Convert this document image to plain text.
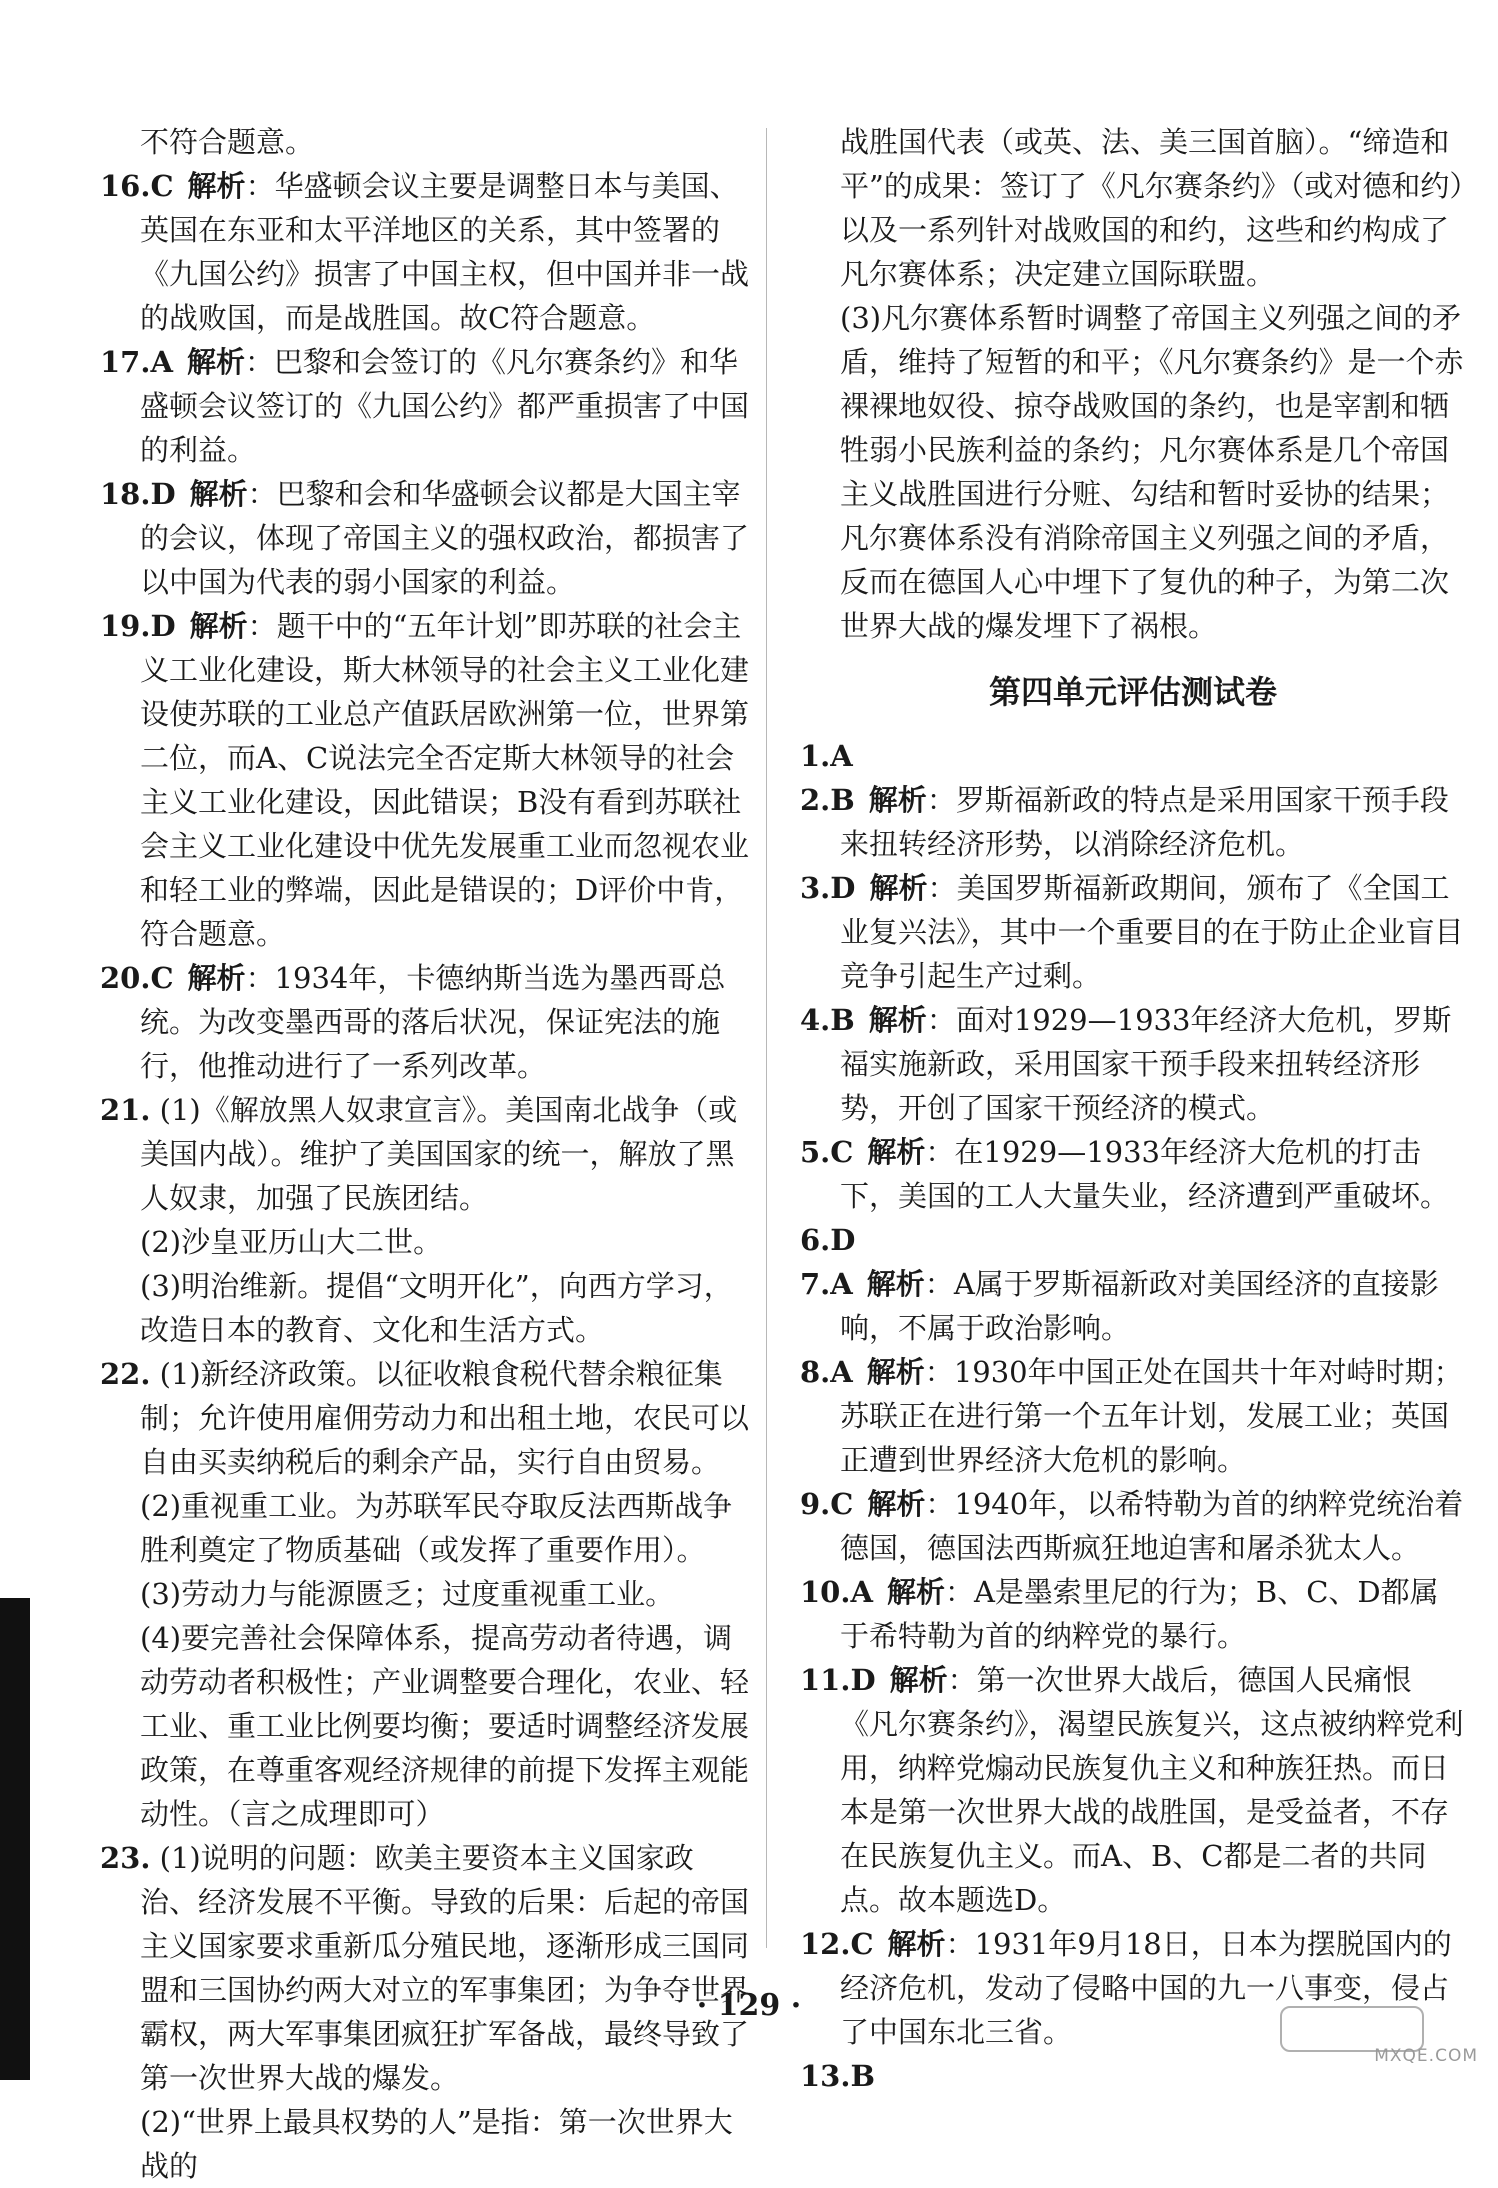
不符合题意。
16.C 解析：华盛顿会议主要是调整日本与美国、英国在东亚和太平洋地区的关系，其中签署的《九国公约》损害了中国主权，但中国并非一战的战败国，而是战胜国。故C符合题意。
17.A 解析：巴黎和会签订的《凡尔赛条约》和华盛顿会议签订的《九国公约》都严重损害了中国的利益。
18.D 解析：巴黎和会和华盛顿会议都是大国主宰的会议，体现了帝国主义的强权政治，都损害了以中国为代表的弱小国家的利益。
19.D 解析：题干中的“五年计划”即苏联的社会主义工业化建设，斯大林领导的社会主义工业化建设使苏联的工业总产值跃居欧洲第一位，世界第二位，而A、C说法完全否定斯大林领导的社会主义工业化建设，因此错误；B没有看到苏联社会主义工业化建设中优先发展重工业而忽视农业和轻工业的弊端，因此是错误的；D评价中肯，符合题意。
20.C 解析：1934年，卡德纳斯当选为墨西哥总统。为改变墨西哥的落后状况，保证宪法的施行，他推动进行了一系列改革。
21. (1)《解放黑人奴隶宣言》。美国南北战争（或美国内战）。维护了美国国家的统一，解放了黑人奴隶，加强了民族团结。
(2)沙皇亚历山大二世。
(3)明治维新。提倡“文明开化”，向西方学习，改造日本的教育、文化和生活方式。
22. (1)新经济政策。以征收粮食税代替余粮征集制；允许使用雇佣劳动力和出租土地，农民可以自由买卖纳税后的剩余产品，实行自由贸易。
(2)重视重工业。为苏联军民夺取反法西斯战争胜利奠定了物质基础（或发挥了重要作用）。
(3)劳动力与能源匮乏；过度重视重工业。
(4)要完善社会保障体系，提高劳动者待遇，调动劳动者积极性；产业调整要合理化，农业、轻工业、重工业比例要均衡；要适时调整经济发展政策，在尊重客观经济规律的前提下发挥主观能动性。（言之成理即可）
23. (1)说明的问题：欧美主要资本主义国家政治、经济发展不平衡。导致的后果：后起的帝国主义国家要求重新瓜分殖民地，逐渐形成三国同盟和三国协约两大对立的军事集团；为争夺世界霸权，两大军事集团疯狂扩军备战，最终导致了第一次世界大战的爆发。
(2)“世界上最具权势的人”是指：第一次世界大战的
战胜国代表（或英、法、美三国首脑）。“缔造和平”的成果：签订了《凡尔赛条约》（或对德和约）以及一系列针对战败国的和约，这些和约构成了凡尔赛体系；决定建立国际联盟。
(3)凡尔赛体系暂时调整了帝国主义列强之间的矛盾，维持了短暂的和平；《凡尔赛条约》是一个赤裸裸地奴役、掠夺战败国的条约，也是宰割和牺牲弱小民族利益的条约；凡尔赛体系是几个帝国主义战胜国进行分赃、勾结和暂时妥协的结果；凡尔赛体系没有消除帝国主义列强之间的矛盾，反而在德国人心中埋下了复仇的种子，为第二次世界大战的爆发埋下了祸根。
第四单元评估测试卷
1.A
2.B 解析：罗斯福新政的特点是采用国家干预手段来扭转经济形势，以消除经济危机。
3.D 解析：美国罗斯福新政期间，颁布了《全国工业复兴法》，其中一个重要目的在于防止企业盲目竞争引起生产过剩。
4.B 解析：面对1929—1933年经济大危机，罗斯福实施新政，采用国家干预手段来扭转经济形势，开创了国家干预经济的模式。
5.C 解析：在1929—1933年经济大危机的打击下，美国的工人大量失业，经济遭到严重破坏。
6.D
7.A 解析：A属于罗斯福新政对美国经济的直接影响，不属于政治影响。
8.A 解析：1930年中国正处在国共十年对峙时期；苏联正在进行第一个五年计划，发展工业；英国正遭到世界经济大危机的影响。
9.C 解析：1940年，以希特勒为首的纳粹党统治着德国，德国法西斯疯狂地迫害和屠杀犹太人。
10.A 解析：A是墨索里尼的行为；B、C、D都属于希特勒为首的纳粹党的暴行。
11.D 解析：第一次世界大战后，德国人民痛恨《凡尔赛条约》，渴望民族复兴，这点被纳粹党利用，纳粹党煽动民族复仇主义和种族狂热。而日本是第一次世界大战的战胜国，是受益者，不存在民族复仇主义。而A、B、C都是二者的共同点。故本题选D。
12.C 解析：1931年9月18日，日本为摆脱国内的经济危机，发动了侵略中国的九一八事变，侵占了中国东北三省。
13.B
· 129 ·
MXQE.COM
